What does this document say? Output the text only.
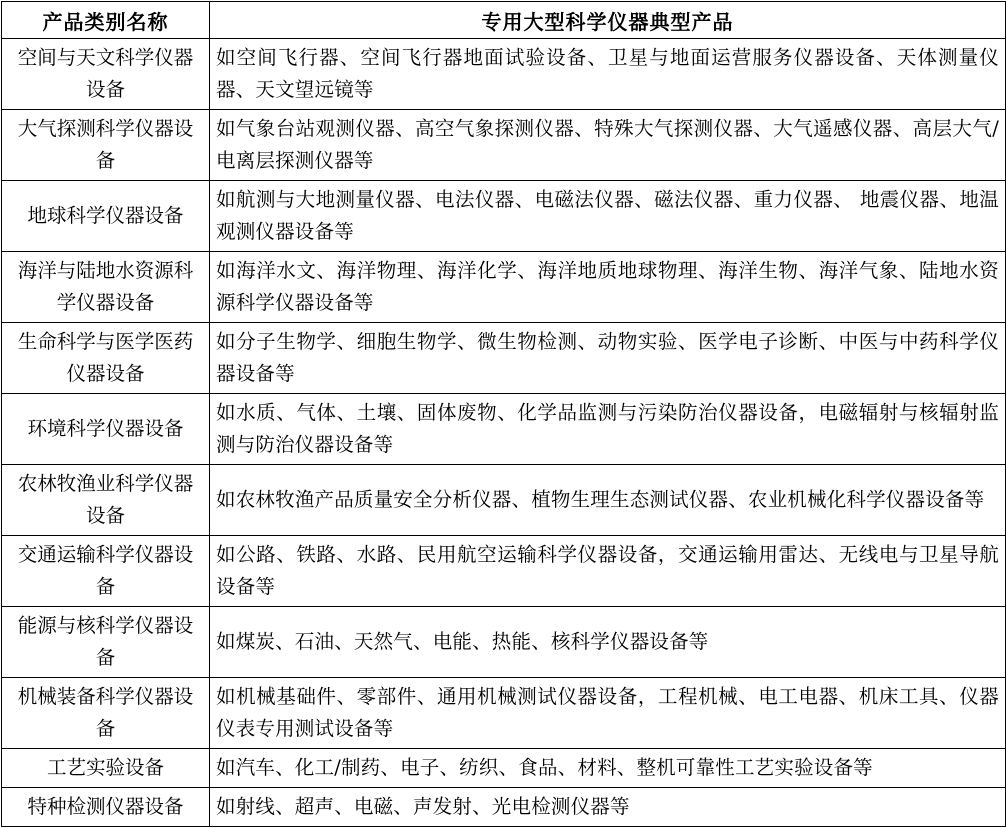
产品类别名称	专用大型科学仪器典型产品
空间与天文科学仪器设备	如空间飞行器、空间飞行器地面试验设备、卫星与地面运营服务仪器设备、天体测量仪器、天文望远镜等
大气探测科学仪器设备	如气象台站观测仪器、高空气象探测仪器、特殊大气探测仪器、大气遥感仪器、高层大气/电离层探测仪器等
地球科学仪器设备	如航测与大地测量仪器、电法仪器、电磁法仪器、磁法仪器、重力仪器、 地震仪器、地温观测仪器设备等
海洋与陆地水资源科学仪器设备	如海洋水文、海洋物理、海洋化学、海洋地质地球物理、海洋生物、海洋气象、陆地水资源科学仪器设备等
生命科学与医学医药仪器设备	如分子生物学、细胞生物学、微生物检测、动物实验、医学电子诊断、中医与中药科学仪器设备等
环境科学仪器设备	如水质、气体、土壤、固体废物、化学品监测与污染防治仪器设备，电磁辐射与核辐射监测与防治仪器设备等
农林牧渔业科学仪器设备	如农林牧渔产品质量安全分析仪器、植物生理生态测试仪器、农业机械化科学仪器设备等
交通运输科学仪器设备	如公路、铁路、水路、民用航空运输科学仪器设备，交通运输用雷达、无线电与卫星导航设备等
能源与核科学仪器设备	如煤炭、石油、天然气、电能、热能、核科学仪器设备等
机械装备科学仪器设备	如机械基础件、零部件、通用机械测试仪器设备，工程机械、电工电器、机床工具、仪器仪表专用测试设备等
工艺实验设备	如汽车、化工/制药、电子、纺织、食品、材料、整机可靠性工艺实验设备等
特种检测仪器设备	如射线、超声、电磁、声发射、光电检测仪器等
